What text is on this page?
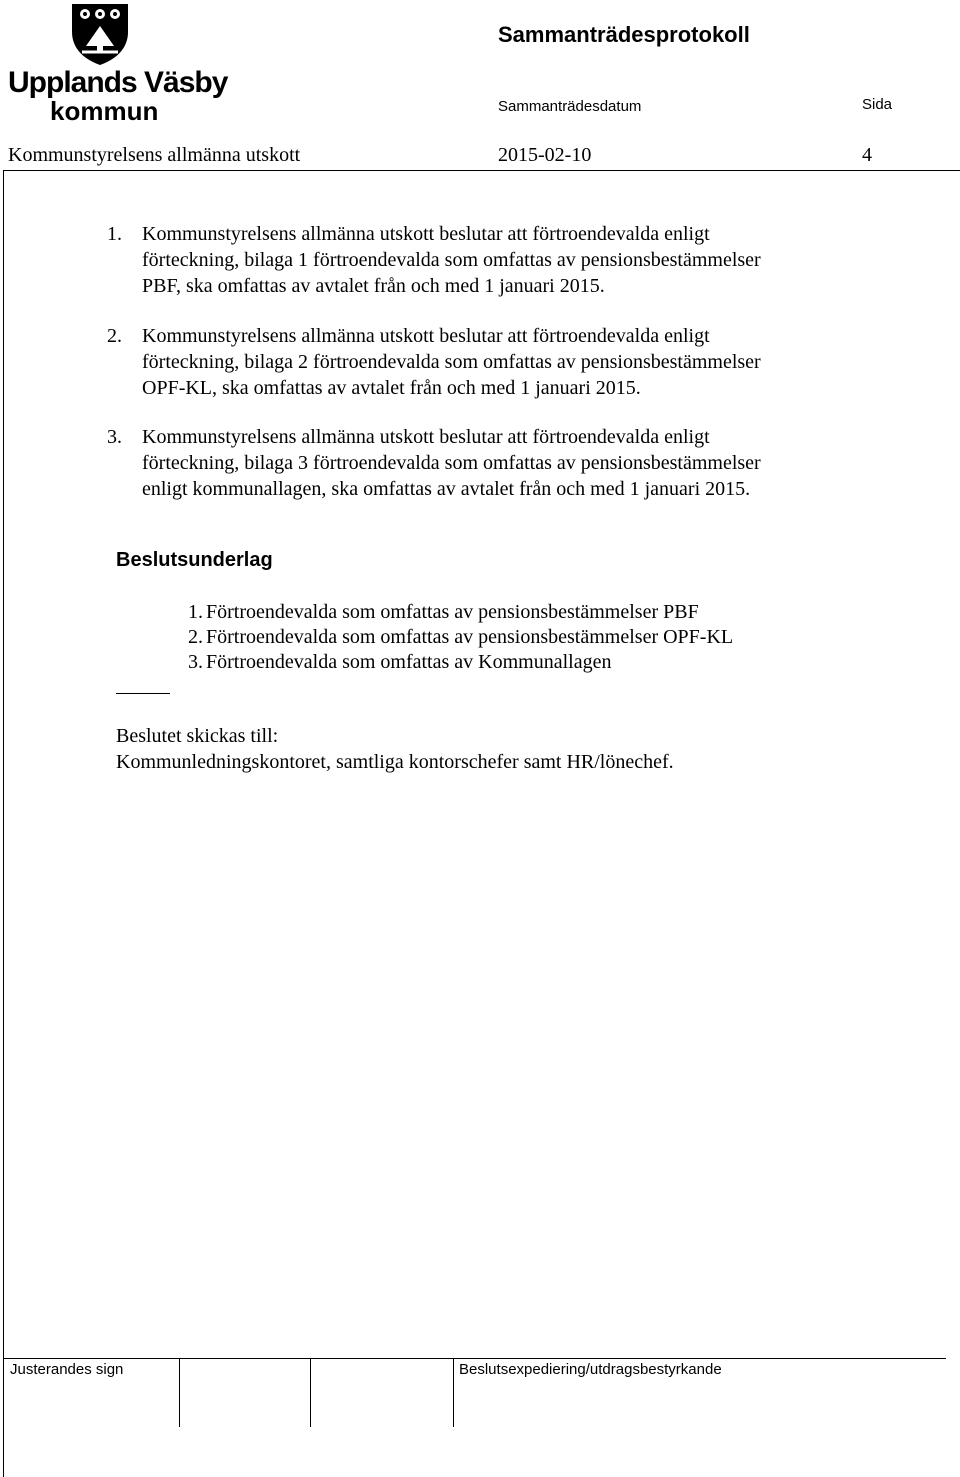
Upplands Väsby
kommun
Sammanträdesprotokoll
Sammanträdesdatum	Sida
Kommunstyrelsens allmänna utskott	2015-02-10	4
1. Kommunstyrelsens allmänna utskott beslutar att förtroendevalda enligt
förteckning, bilaga 1 förtroendevalda som omfattas av pensionsbestämmelser
PBF, ska omfattas av avtalet från och med 1 januari 2015.
2. Kommunstyrelsens allmänna utskott beslutar att förtroendevalda enligt
förteckning, bilaga 2 förtroendevalda som omfattas av pensionsbestämmelser
OPF-KL, ska omfattas av avtalet från och med 1 januari 2015.
3. Kommunstyrelsens allmänna utskott beslutar att förtroendevalda enligt
förteckning, bilaga 3 förtroendevalda som omfattas av pensionsbestämmelser
enligt kommunallagen, ska omfattas av avtalet från och med 1 januari 2015.
Beslutsunderlag
1. Förtroendevalda som omfattas av pensionsbestämmelser PBF
2. Förtroendevalda som omfattas av pensionsbestämmelser OPF-KL
3. Förtroendevalda som omfattas av Kommunallagen
Beslutet skickas till:
Kommunledningskontoret, samtliga kontorschefer samt HR/lönechef.
Justerandes sign	Beslutsexpediering/utdragsbestyrkande
